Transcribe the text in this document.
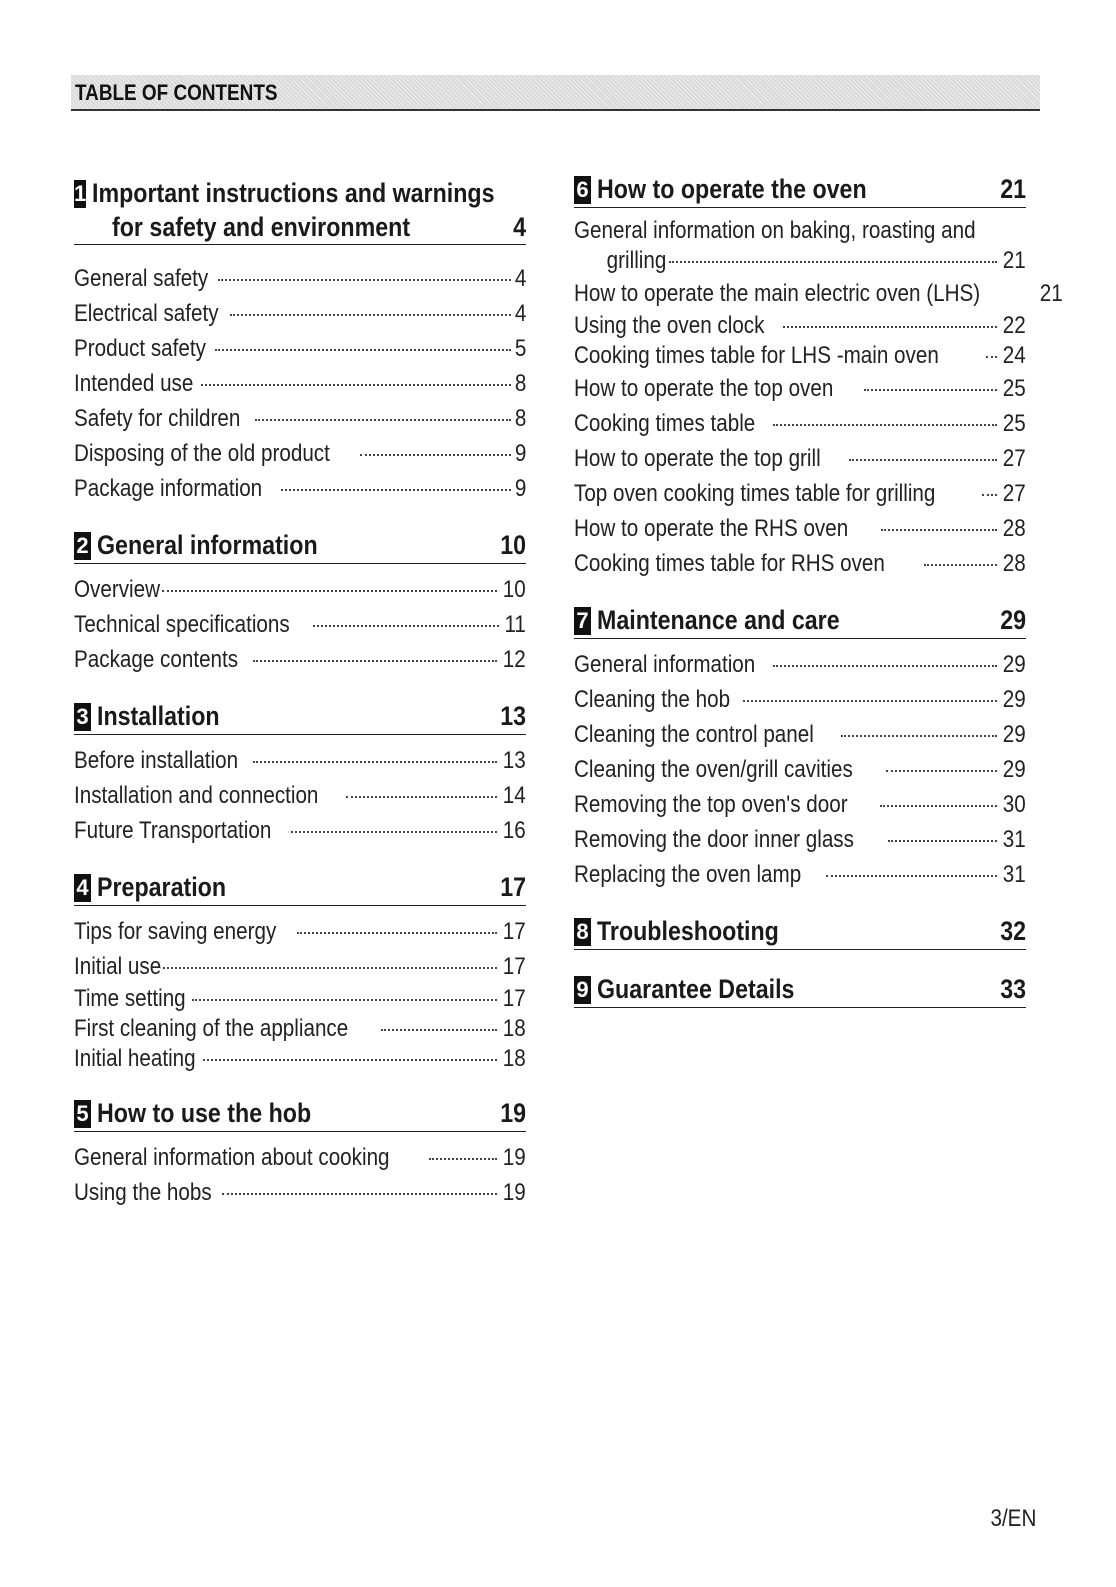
TABLE OF CONTENTS
1 Important instructions and warnings
for safety and environment	4
General safety	4
Electrical safety	4
Product safety	5
Intended use	8
Safety for children	8
Disposing of the old product	9
Package information	9
2 General information	10
Overview	10
Technical specifications	11
Package contents	12
3 Installation	13
Before installation	13
Installation and connection	14
Future Transportation	16
4 Preparation	17
Tips for saving energy	17
Initial use	17
Time setting	17
First cleaning of the appliance	18
Initial heating	18
5 How to use the hob	19
General information about cooking	19
Using the hobs	19
6 How to operate the oven	21
General information on baking, roasting and
grilling	21
How to operate the main electric oven (LHS) 21
Using the oven clock	22
Cooking times table for LHS -main oven	24
How to operate the top oven	25
Cooking times table	25
How to operate the top grill	27
Top oven cooking times table for grilling	27
How to operate the RHS oven	28
Cooking times table for RHS oven	28
7 Maintenance and care	29
General information	29
Cleaning the hob	29
Cleaning the control panel	29
Cleaning the oven/grill cavities	29
Removing the top oven's door	30
Removing the door inner glass	31
Replacing the oven lamp	31
8 Troubleshooting	32
9 Guarantee Details	33
3/EN
